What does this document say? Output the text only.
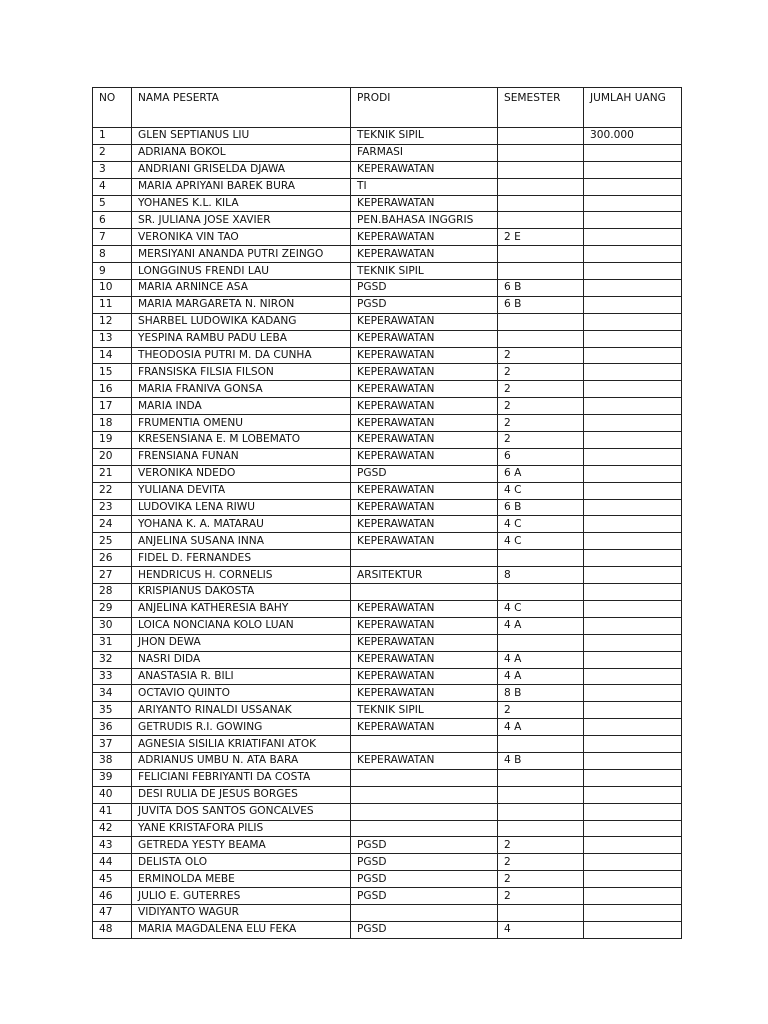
NO	NAMA PESERTA	PRODI	SEMESTER	JUMLAH UANG
1	GLEN SEPTIANUS LIU	TEKNIK SIPIL		300.000
2	ADRIANA BOKOL	FARMASI		
3	ANDRIANI GRISELDA DJAWA	KEPERAWATAN		
4	MARIA APRIYANI BAREK BURA	TI		
5	YOHANES K.L. KILA	KEPERAWATAN		
6	SR. JULIANA JOSE XAVIER	PEN.BAHASA INGGRIS		
7	VERONIKA VIN TAO	KEPERAWATAN	2 E	
8	MERSIYANI ANANDA PUTRI ZEINGO	KEPERAWATAN		
9	LONGGINUS FRENDI LAU	TEKNIK SIPIL		
10	MARIA ARNINCE ASA	PGSD	6 B	
11	MARIA MARGARETA N. NIRON	PGSD	6 B	
12	SHARBEL LUDOWIKA KADANG	KEPERAWATAN		
13	YESPINA RAMBU PADU LEBA	KEPERAWATAN		
14	THEODOSIA PUTRI M. DA CUNHA	KEPERAWATAN	2	
15	FRANSISKA FILSIA FILSON	KEPERAWATAN	2	
16	MARIA FRANIVA GONSA	KEPERAWATAN	2	
17	MARIA INDA	KEPERAWATAN	2	
18	FRUMENTIA OMENU	KEPERAWATAN	2	
19	KRESENSIANA E. M LOBEMATO	KEPERAWATAN	2	
20	FRENSIANA FUNAN	KEPERAWATAN	6	
21	VERONIKA NDEDO	PGSD	6 A	
22	YULIANA DEVITA	KEPERAWATAN	4 C	
23	LUDOVIKA LENA RIWU	KEPERAWATAN	6 B	
24	YOHANA K. A. MATARAU	KEPERAWATAN	4 C	
25	ANJELINA SUSANA INNA	KEPERAWATAN	4 C	
26	FIDEL D. FERNANDES			
27	HENDRICUS H. CORNELIS	ARSITEKTUR	8	
28	KRISPIANUS DAKOSTA			
29	ANJELINA KATHERESIA BAHY	KEPERAWATAN	4 C	
30	LOICA NONCIANA KOLO LUAN	KEPERAWATAN	4 A	
31	JHON DEWA	KEPERAWATAN		
32	NASRI DIDA	KEPERAWATAN	4 A	
33	ANASTASIA R. BILI	KEPERAWATAN	4 A	
34	OCTAVIO QUINTO	KEPERAWATAN	8 B	
35	ARIYANTO RINALDI USSANAK	TEKNIK SIPIL	2	
36	GETRUDIS R.I. GOWING	KEPERAWATAN	4 A	
37	AGNESIA SISILIA KRIATIFANI ATOK			
38	ADRIANUS UMBU N. ATA BARA	KEPERAWATAN	4 B	
39	FELICIANI FEBRIYANTI DA COSTA			
40	DESI RULIA DE JESUS BORGES			
41	JUVITA DOS SANTOS GONCALVES			
42	YANE KRISTAFORA PILIS			
43	GETREDA YESTY BEAMA	PGSD	2	
44	DELISTA OLO	PGSD	2	
45	ERMINOLDA MEBE	PGSD	2	
46	JULIO E. GUTERRES	PGSD	2	
47	VIDIYANTO WAGUR			
48	MARIA MAGDALENA ELU FEKA	PGSD	4	
